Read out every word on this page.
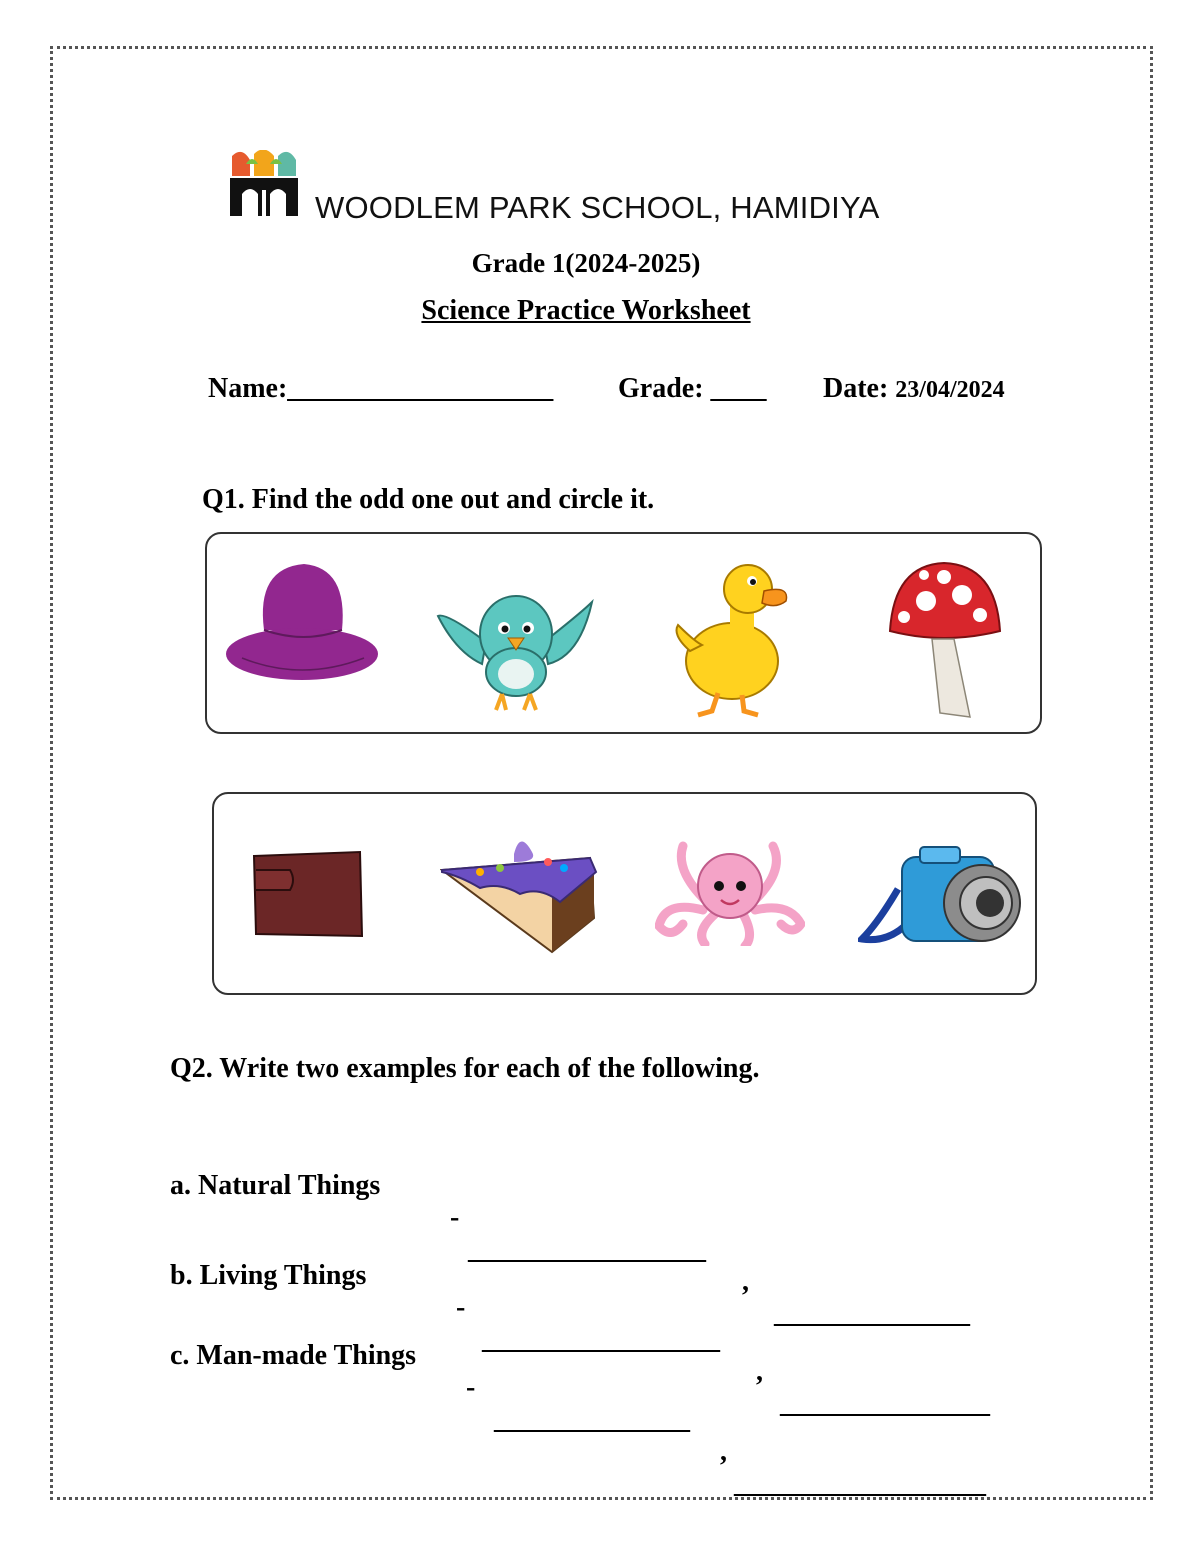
WOODLEM PARK SCHOOL, HAMIDIYA
Grade 1(2024-2025)
Science Practice Worksheet
Name:___________________ Grade: ____ Date: 23/04/2024
Q1. Find the odd one out and circle it.
Q2. Write two examples for each of the following.

a. Natural Things

-

_________________

,

______________

b. Living Things

-

_________________

,

_______________

c. Man-made Things

-

______________

,

__________________
